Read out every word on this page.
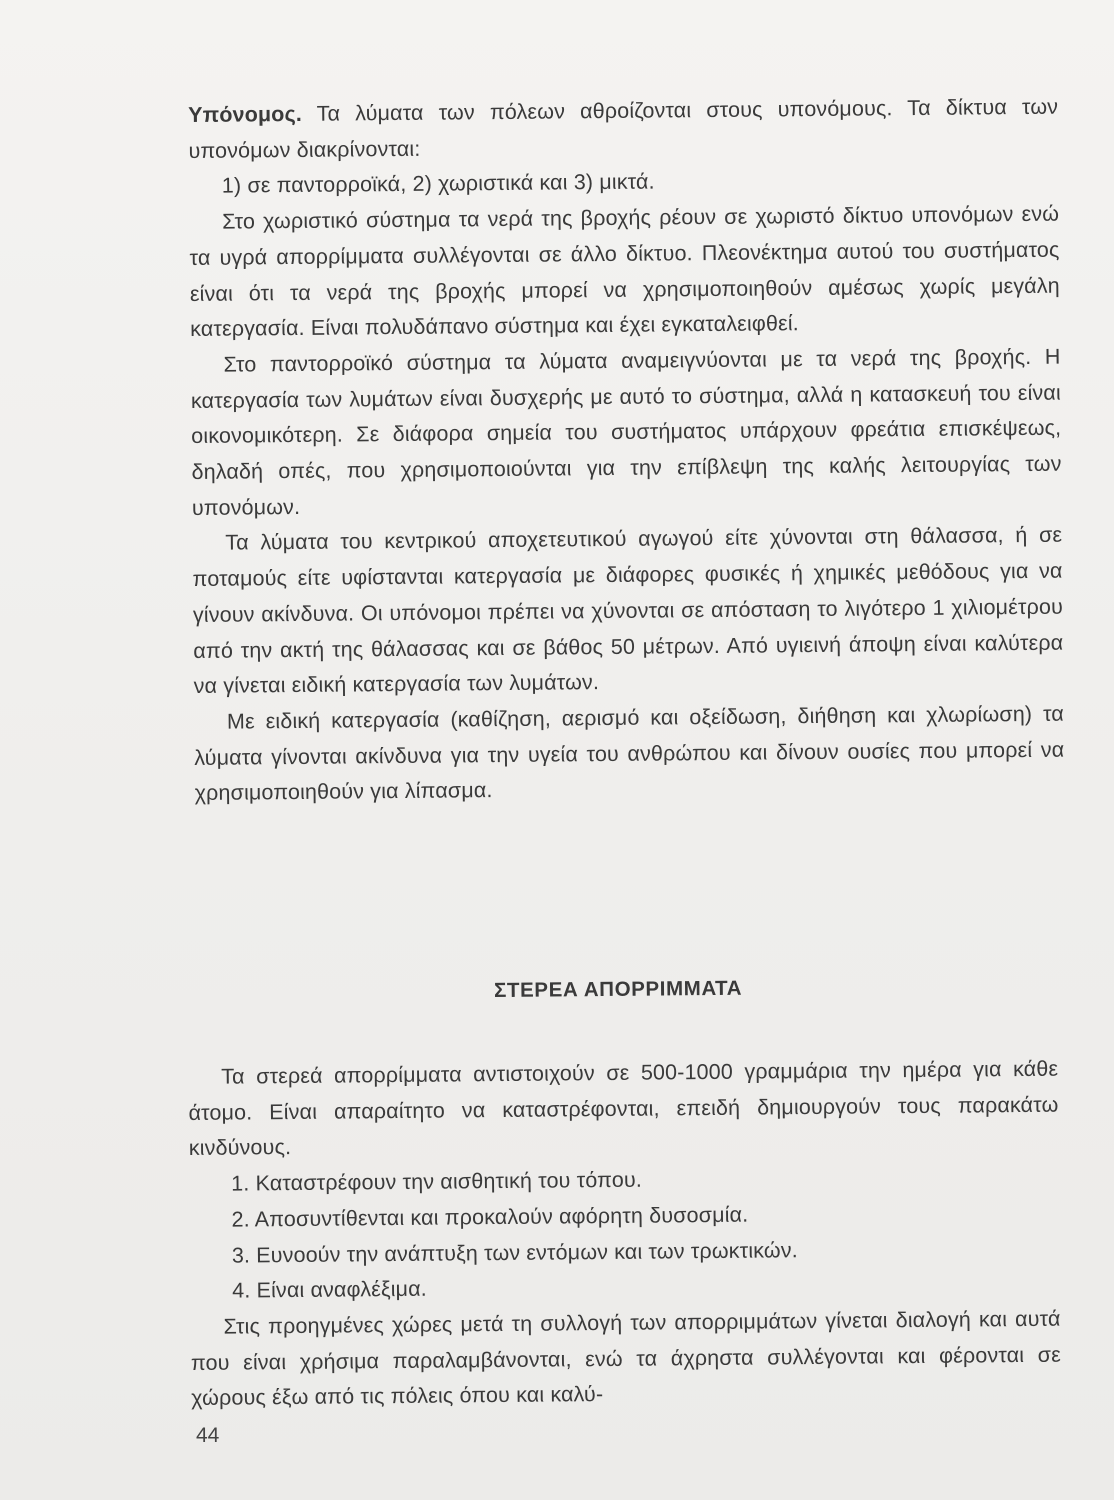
Υπόνομος. Τα λύματα των πόλεων αθροίζονται στους υπονόμους. Τα δίκτυα των υπονόμων διακρίνονται:

1) σε παντορροϊκά, 2) χωριστικά και 3) μικτά.

Στο χωριστικό σύστημα τα νερά της βροχής ρέουν σε χωριστό δίκτυο υπονόμων ενώ τα υγρά απορρίμματα συλλέγονται σε άλλο δίκτυο. Πλεονέκτημα αυτού του συστήματος είναι ότι τα νερά της βροχής μπορεί να χρησιμοποιηθούν αμέσως χωρίς μεγάλη κατεργασία. Είναι πολυδάπανο σύστημα και έχει εγκαταλειφθεί.

Στο παντορροϊκό σύστημα τα λύματα αναμειγνύονται με τα νερά της βροχής. Η κατεργασία των λυμάτων είναι δυσχερής με αυτό το σύστημα, αλλά η κατασκευή του είναι οικονομικότερη. Σε διάφορα σημεία του συστήματος υπάρχουν φρεάτια επισκέψεως, δηλαδή οπές, που χρησιμοποιούνται για την επίβλεψη της καλής λειτουργίας των υπονόμων.

Τα λύματα του κεντρικού αποχετευτικού αγωγού είτε χύνονται στη θάλασσα, ή σε ποταμούς είτε υφίστανται κατεργασία με διάφορες φυσικές ή χημικές μεθόδους για να γίνουν ακίνδυνα. Οι υπόνομοι πρέπει να χύνονται σε απόσταση το λιγότερο 1 χιλιομέτρου από την ακτή της θάλασσας και σε βάθος 50 μέτρων. Από υγιεινή άποψη είναι καλύτερα να γίνεται ειδική κατεργασία των λυμάτων.

Με ειδική κατεργασία (καθίζηση, αερισμό και οξείδωση, διήθηση και χλωρίωση) τα λύματα γίνονται ακίνδυνα για την υγεία του ανθρώπου και δίνουν ουσίες που μπορεί να χρησιμοποιηθούν για λίπασμα.

ΣΤΕΡΕΑ ΑΠΟΡΡΙΜΜΑΤΑ

Τα στερεά απορρίμματα αντιστοιχούν σε 500-1000 γραμμάρια την ημέρα για κάθε άτομο. Είναι απαραίτητο να καταστρέφονται, επειδή δημιουργούν τους παρακάτω κινδύνους.

1. Καταστρέφουν την αισθητική του τόπου.
2. Αποσυντίθενται και προκαλούν αφόρητη δυσοσμία.
3. Ευνοούν την ανάπτυξη των εντόμων και των τρωκτικών.
4. Είναι αναφλέξιμα.

Στις προηγμένες χώρες μετά τη συλλογή των απορριμμάτων γίνεται διαλογή και αυτά που είναι χρήσιμα παραλαμβάνονται, ενώ τα άχρηστα συλλέγονται και φέρονται σε χώρους έξω από τις πόλεις όπου και καλύ-

44
